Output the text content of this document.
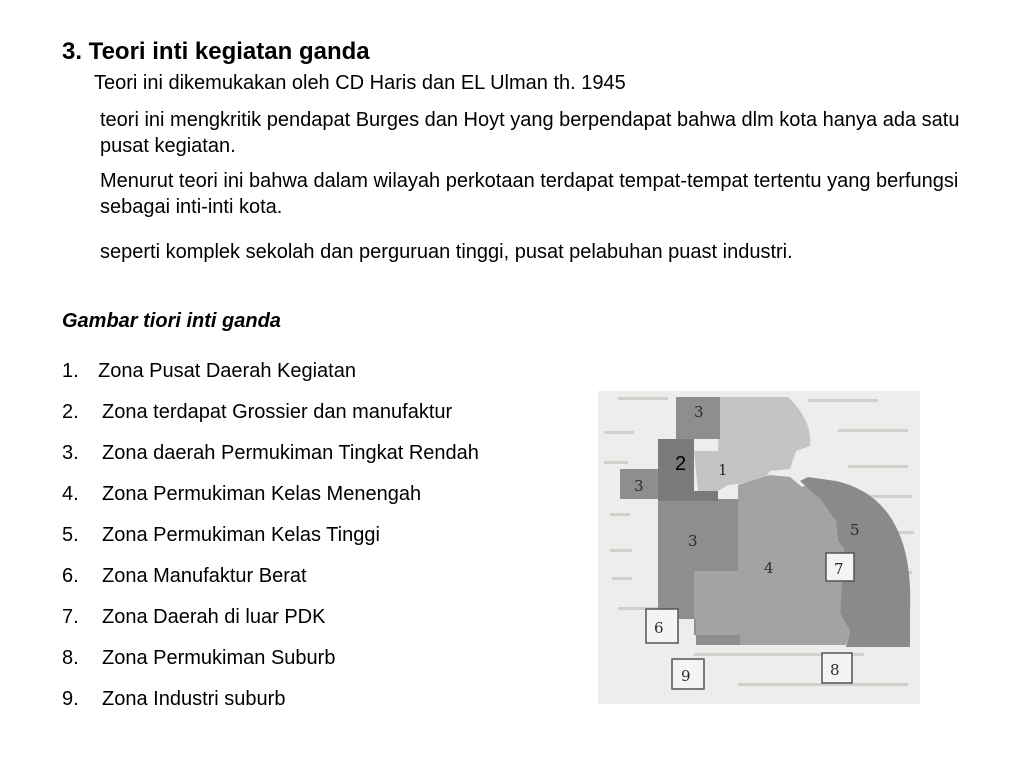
3. Teori inti kegiatan ganda
Teori ini dikemukakan oleh CD Haris dan EL Ulman th. 1945
teori ini mengkritik pendapat Burges dan Hoyt yang berpendapat bahwa dlm kota hanya ada satu pusat kegiatan.
Menurut teori ini bahwa dalam wilayah perkotaan terdapat tempat-tempat tertentu yang berfungsi sebagai inti-inti kota.
seperti komplek sekolah dan perguruan tinggi, pusat pelabuhan puast industri.
Gambar tiori inti ganda
1. Zona Pusat Daerah Kegiatan
2. Zona terdapat Grossier dan manufaktur
3. Zona daerah Permukiman Tingkat Rendah
4. Zona Permukiman Kelas Menengah
5. Zona Permukiman Kelas Tinggi
6. Zona Manufaktur Berat
7. Zona Daerah di luar PDK
8. Zona Permukiman Suburb
9. Zona Industri suburb
1
3
3
3
4
5
6
7
8
9
2
